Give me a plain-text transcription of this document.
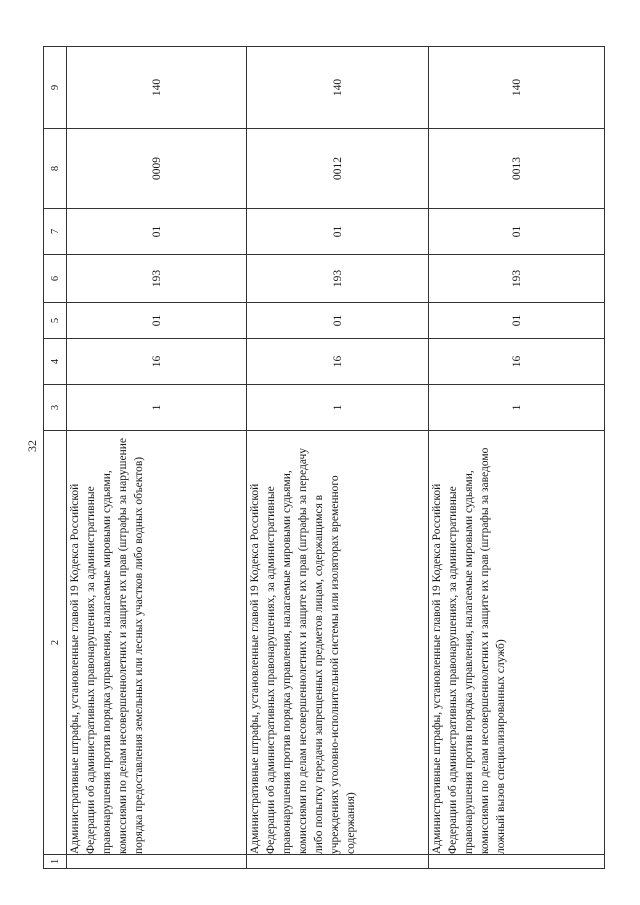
32
1	2	3	4	5	6	7	8	9
	Административные штрафы, установленные главой 19 Кодекса Российской Федерации об административных правонарушениях, за административные правонарушения против порядка управления, налагаемые мировыми судьями, комиссиями по делам несовершеннолетних и защите их прав (штрафы за нарушение порядка предоставления земельных или лесных участков либо водных объектов)	1	16	01	193	01	0009	140
	Административные штрафы, установленные главой 19 Кодекса Российской Федерации об административных правонарушениях, за административные правонарушения против порядка управления, налагаемые мировыми судьями, комиссиями по делам несовершеннолетних и защите их прав (штрафы за передачу либо попытку передачи запрещенных предметов лицам, содержащимся в учреждениях уголовно-исполнительной системы или изоляторах временного содержания)	1	16	01	193	01	0012	140
	Административные штрафы, установленные главой 19 Кодекса Российской Федерации об административных правонарушениях, за административные правонарушения против порядка управления, налагаемые мировыми судьями, комиссиями по делам несовершеннолетних и защите их прав (штрафы за заведомо ложный вызов специализированных служб)	1	16	01	193	01	0013	140
